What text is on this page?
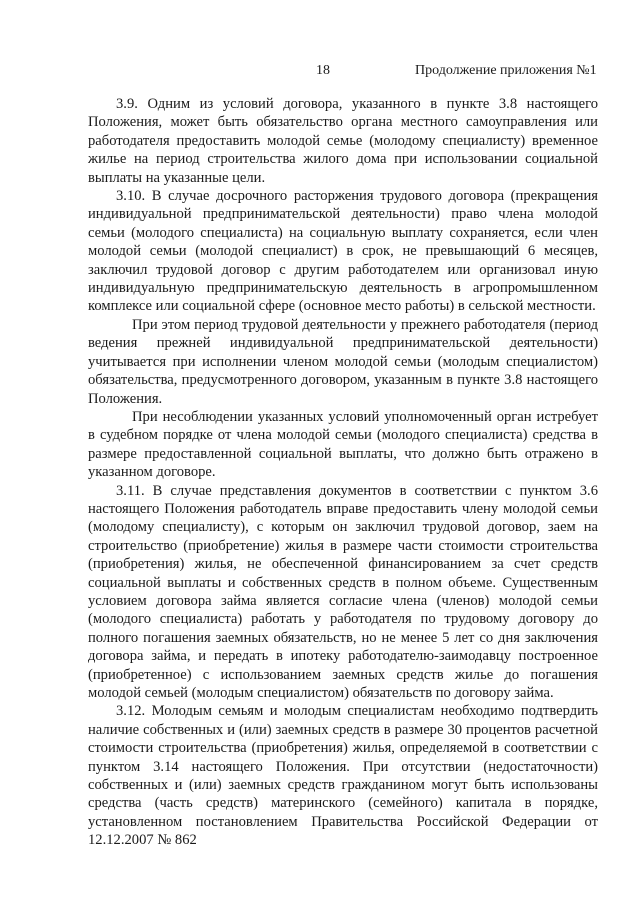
18	Продолжение приложения №1

3.9. Одним из условий договора, указанного в пункте 3.8 настоящего Положения, может быть обязательство органа местного самоуправления или работодателя предоставить молодой семье (молодому специалисту) временное жилье на период строительства жилого дома при использовании социальной выплаты на указанные цели.

3.10. В случае досрочного расторжения трудового договора (прекращения индивидуальной предпринимательской деятельности) право члена молодой семьи (молодого специалиста) на социальную выплату сохраняется, если член молодой семьи (молодой специалист) в срок, не превышающий 6 месяцев, заключил трудовой договор с другим работодателем или организовал иную индивидуальную предпринимательскую деятельность в агропромышленном комплексе или социальной сфере (основное место работы) в сельской местности.

При этом период трудовой деятельности у прежнего работодателя (период ведения прежней индивидуальной предпринимательской деятельности) учитывается при исполнении членом молодой семьи (молодым специалистом) обязательства, предусмотренного договором, указанным в пункте 3.8 настоящего Положения.

При несоблюдении указанных условий уполномоченный орган истребует в судебном порядке от члена молодой семьи (молодого специалиста) средства в размере предоставленной социальной выплаты, что должно быть отражено в указанном договоре.

3.11. В случае представления документов в соответствии с пунктом 3.6 настоящего Положения работодатель вправе предоставить члену молодой семьи (молодому специалисту), с которым он заключил трудовой договор, заем на строительство (приобретение) жилья в размере части стоимости строительства (приобретения) жилья, не обеспеченной финансированием за счет средств социальной выплаты и собственных средств в полном объеме. Существенным условием договора займа является согласие члена (членов) молодой семьи (молодого специалиста) работать у работодателя по трудовому договору до полного погашения заемных обязательств, но не менее 5 лет со дня заключения договора займа, и передать в ипотеку работодателю-заимодавцу построенное (приобретенное) с использованием заемных средств жилье до погашения молодой семьей (молодым специалистом) обязательств по договору займа.

3.12. Молодым семьям и молодым специалистам необходимо подтвердить наличие собственных и (или) заемных средств в размере 30 процентов расчетной стоимости строительства (приобретения) жилья, определяемой в соответствии с пунктом 3.14 настоящего Положения. При отсутствии (недостаточности) собственных и (или) заемных средств гражданином могут быть использованы средства (часть средств) материнского (семейного) капитала в порядке, установленном постановлением Правительства Российской Федерации от 12.12.2007 № 862
